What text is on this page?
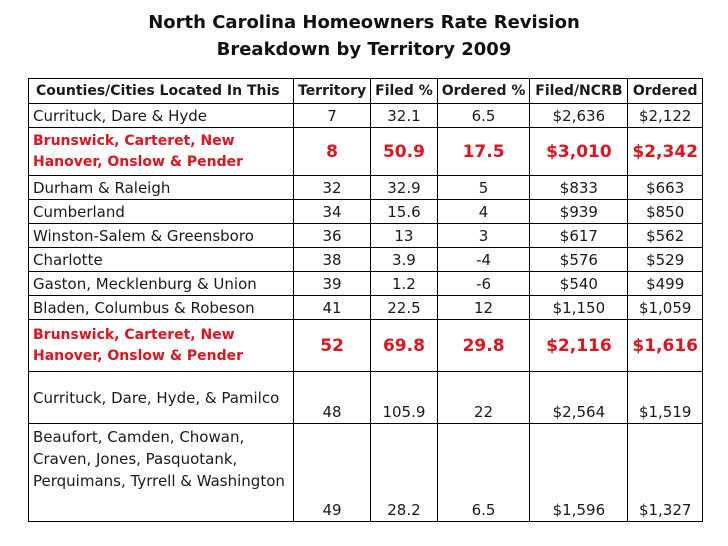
North Carolina Homeowners Rate Revision
Breakdown by Territory 2009
Counties/Cities Located In This	Territory	Filed %	Ordered %	Filed/NCRB	Ordered
Currituck, Dare & Hyde	7	32.1	6.5	$2,636	$2,122
Brunswick, Carteret, New Hanover, Onslow & Pender	8	50.9	17.5	$3,010	$2,342
Durham & Raleigh	32	32.9	5	$833	$663
Cumberland	34	15.6	4	$939	$850
Winston-Salem & Greensboro	36	13	3	$617	$562
Charlotte	38	3.9	-4	$576	$529
Gaston, Mecklenburg & Union	39	1.2	-6	$540	$499
Bladen, Columbus & Robeson	41	22.5	12	$1,150	$1,059
Brunswick, Carteret, New Hanover, Onslow & Pender	52	69.8	29.8	$2,116	$1,616
Currituck, Dare, Hyde, & Pamilco	48	105.9	22	$2,564	$1,519
Beaufort, Camden, Chowan, Craven, Jones, Pasquotank, Perquimans, Tyrrell & Washington	49	28.2	6.5	$1,596	$1,327
